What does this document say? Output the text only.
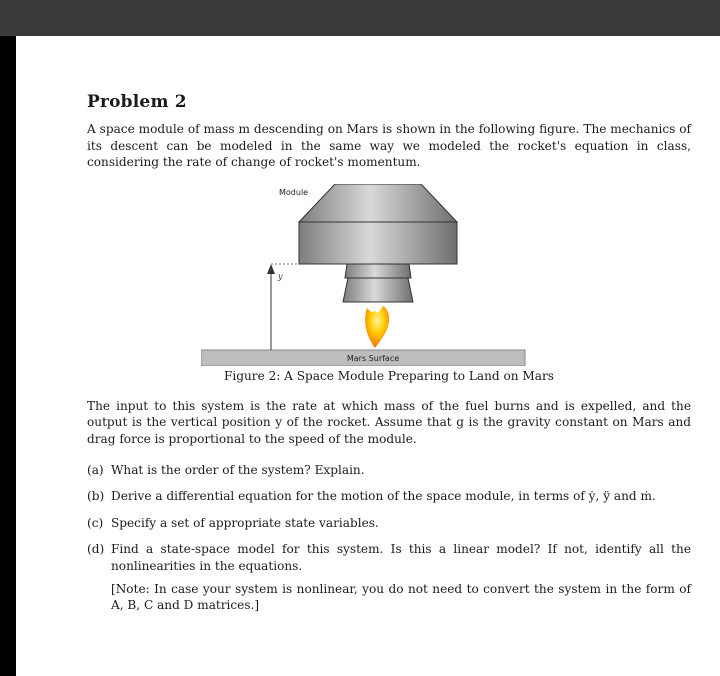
Problem 2

A space module of mass m descending on Mars is shown in the following figure. The mechanics of its descent can be modeled in the same way we modeled the rocket's equation in class, considering the rate of change of rocket's momentum.

y
Module
Mars Surface
Figure 2: A Space Module Preparing to Land on Mars

The input to this system is the rate at which mass of the fuel burns and is expelled, and the output is the vertical position y of the rocket. Assume that g is the gravity constant on Mars and drag force is proportional to the speed of the module.

(a) What is the order of the system? Explain.
(b) Derive a differential equation for the motion of the space module, in terms of ẏ, ÿ and ṁ.
(c) Specify a set of appropriate state variables.
(d) Find a state-space model for this system. Is this a linear model? If not, identify all the nonlinearities in the equations.
[Note: In case your system is nonlinear, you do not need to convert the system in the form of A, B, C and D matrices.]
